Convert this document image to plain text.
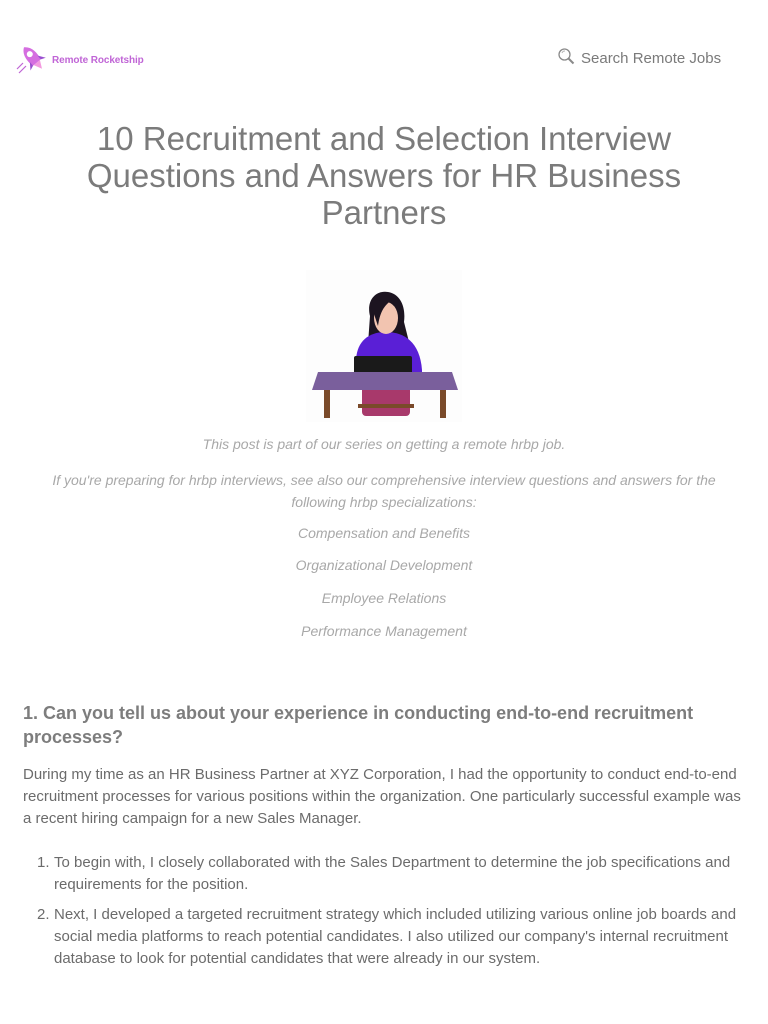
Remote Rocketship	Search Remote Jobs
10 Recruitment and Selection Interview Questions and Answers for HR Business Partners

This post is part of our series on getting a remote hrbp job.

If you're preparing for hrbp interviews, see also our comprehensive interview questions and answers for the following hrbp specializations:

Compensation and Benefits
Organizational Development
Employee Relations
Performance Management
1. Can you tell us about your experience in conducting end-to-end recruitment processes?

During my time as an HR Business Partner at XYZ Corporation, I had the opportunity to conduct end-to-end recruitment processes for various positions within the organization. One particularly successful example was a recent hiring campaign for a new Sales Manager.

1. To begin with, I closely collaborated with the Sales Department to determine the job specifications and requirements for the position.
2. Next, I developed a targeted recruitment strategy which included utilizing various online job boards and social media platforms to reach potential candidates. I also utilized our company's internal recruitment database to look for potential candidates that were already in our system.
